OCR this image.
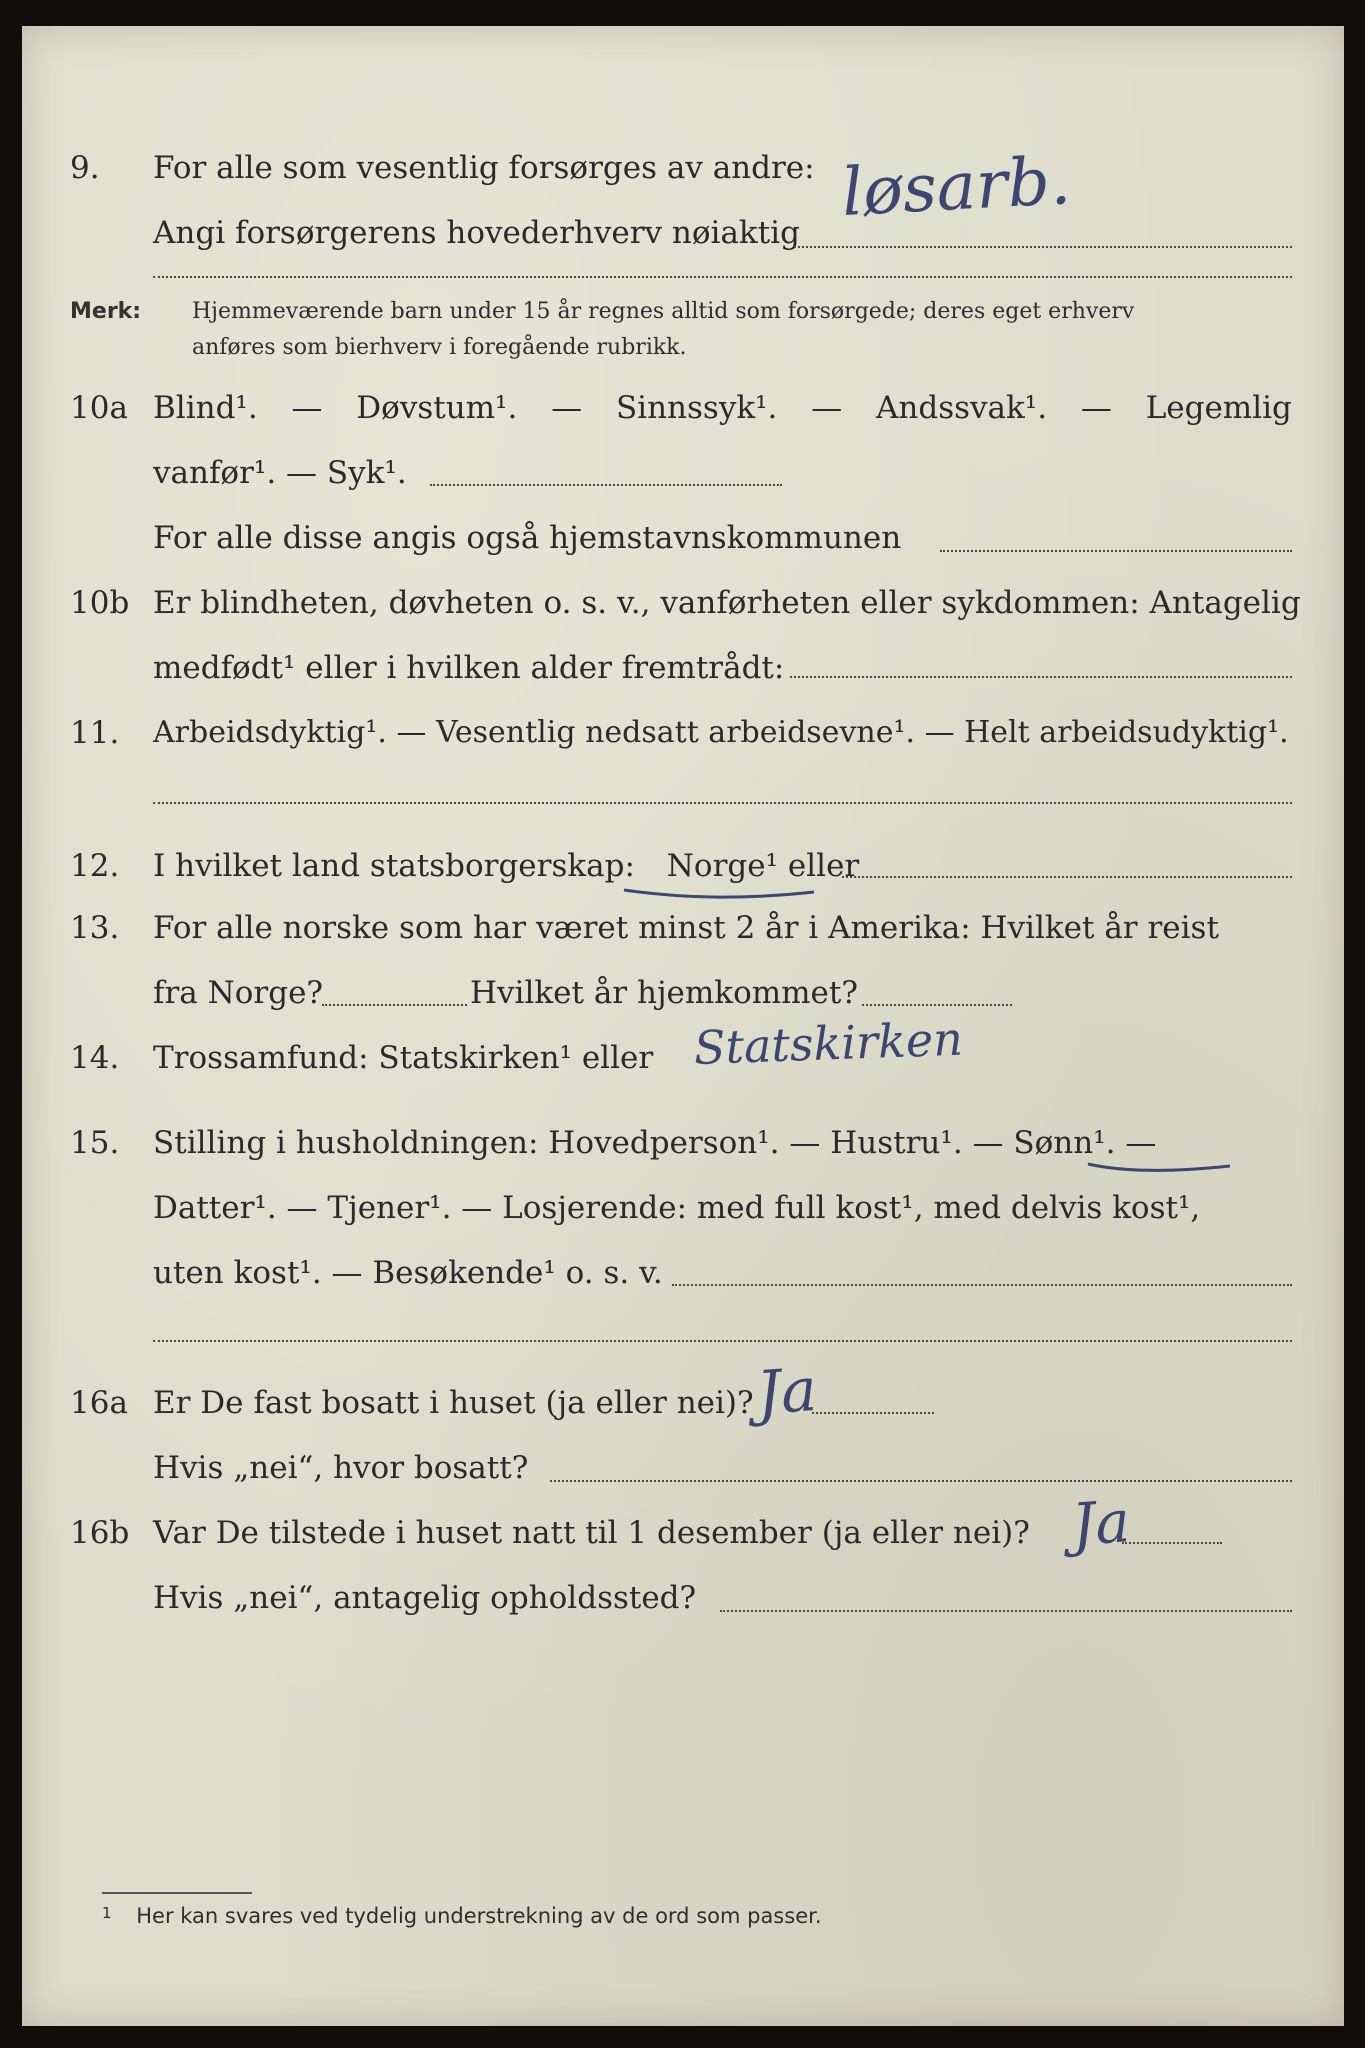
9. For alle som vesentlig forsørges av andre: løsarb.
Angi forsørgerens hovederhverv nøiaktig
Merk: Hjemmeværende barn under 15 år regnes alltid som forsørgede; deres eget erhverv
anføres som bierhverv i foregående rubrikk.
10a Blind¹. — Døvstum¹. — Sinnssyk¹. — Andssvak¹. — Legemlig
vanfør¹. — Syk¹.
For alle disse angis også hjemstavnskommunen
10b Er blindheten, døvheten o. s. v., vanførheten eller sykdommen: Antagelig
medfødt¹ eller i hvilken alder fremtrådt:
11. Arbeidsdyktig¹. — Vesentlig nedsatt arbeidsevne¹. — Helt arbeidsudyktig¹.
12. I hvilket land statsborgerskap: Norge¹ eller
13. For alle norske som har været minst 2 år i Amerika: Hvilket år reist
fra Norge?	Hvilket år hjemkommet?
14. Trossamfund: Statskirken¹ eller Statskirken
15. Stilling i husholdningen: Hovedperson¹. — Hustru¹. — Sønn¹. —
Datter¹. — Tjener¹. — Losjerende: med full kost¹, med delvis kost¹,
uten kost¹. — Besøkende¹ o. s. v.
16a Er De fast bosatt i huset (ja eller nei)? Ja
Hvis „nei“, hvor bosatt?
16b Var De tilstede i huset natt til 1 desember (ja eller nei)? Ja
Hvis „nei“, antagelig opholdssted?
$^1$ Her kan svares ved tydelig understrekning av de ord som passer.
